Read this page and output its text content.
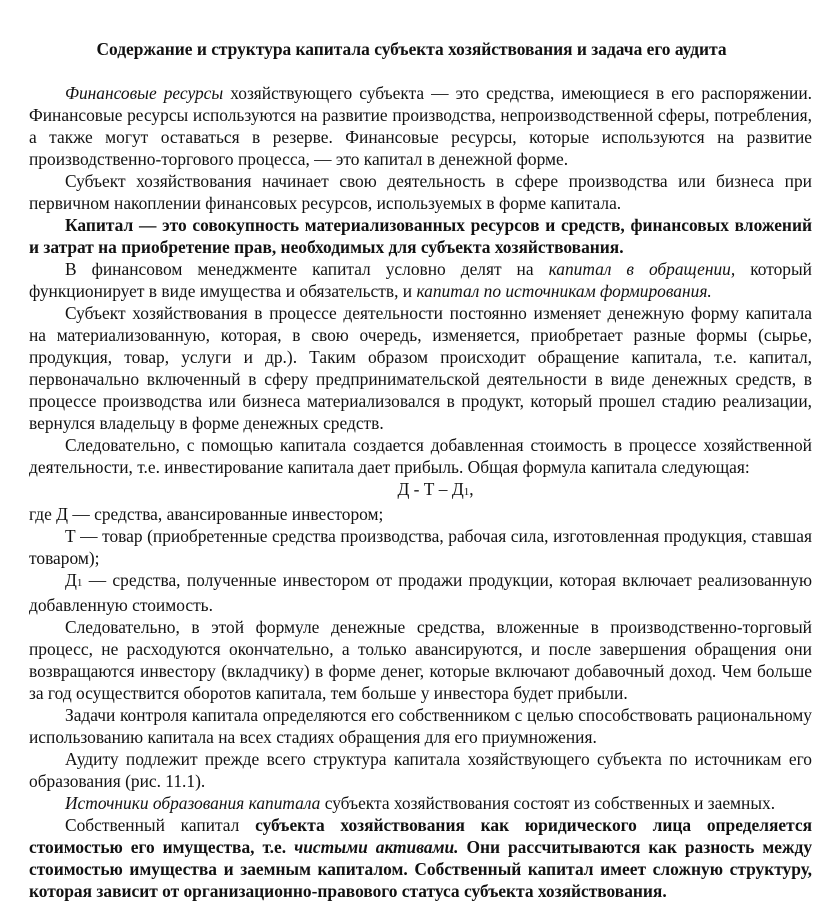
Содержание и структура капитала субъекта хозяйствования и задача его аудита

Финансовые ресурсы хозяйствующего субъекта — это средства, имеющиеся в его распоряжении. Финансовые ресурсы используются на развитие производства, непроизводственной сферы, потребления, а также могут оставаться в резерве. Финансовые ресурсы, которые используются на развитие производственно-торгового процесса, — это капитал в денежной форме.

Субъект хозяйствования начинает свою деятельность в сфере производства или бизнеса при первичном накоплении финансовых ресурсов, используемых в форме капитала.

Капитал — это совокупность материализованных ресурсов и средств, финансовых вложений и затрат на приобретение прав, необходимых для субъекта хозяйствования.

В финансовом менеджменте капитал условно делят на капитал в обращении, который функционирует в виде имущества и обязательств, и капитал по источникам формирования.

Субъект хозяйствования в процессе деятельности постоянно изменяет денежную форму капитала на материализованную, которая, в свою очередь, изменяется, приобретает разные формы (сырье, продукция, товар, услуги и др.). Таким образом происходит обращение капитала, т.е. капитал, первоначально включенный в сферу предпринимательской деятельности в виде денежных средств, в процессе производства или бизнеса материализовался в продукт, который прошел стадию реализации, вернулся владельцу в форме денежных средств.

Следовательно, с помощью капитала создается добавленная стоимость в процессе хозяйственной деятельности, т.е. инвестирование капитала дает прибыль. Общая формула капитала следующая:

Д - Т – Д1,

где Д — средства, авансированные инвестором;

Т — товар (приобретенные средства производства, рабочая сила, изготовленная продукция, ставшая товаром);

Д1 — средства, полученные инвестором от продажи продукции, которая включает реализованную добавленную стоимость.

Следовательно, в этой формуле денежные средства, вложенные в производственно-торговый процесс, не расходуются окончательно, а только авансируются, и после завершения обращения они возвращаются инвестору (вкладчику) в форме денег, которые включают добавочный доход. Чем больше за год осуществится оборотов капитала, тем больше у инвестора будет прибыли.

Задачи контроля капитала определяются его собственником с целью способствовать рациональному использованию капитала на всех стадиях обращения для его приумножения.

Аудиту подлежит прежде всего структура капитала хозяйствующего субъекта по источникам его образования (рис. 11.1).

Источники образования капитала субъекта хозяйствования состоят из собственных и заемных.

Собственный капитал субъекта хозяйствования как юридического лица определяется стоимостью его имущества, т.е. чистыми активами. Они рассчитываются как разность между стоимостью имущества и заемным капиталом. Собственный капитал имеет сложную структуру, которая зависит от организационно-правового статуса субъекта хозяйствования.
